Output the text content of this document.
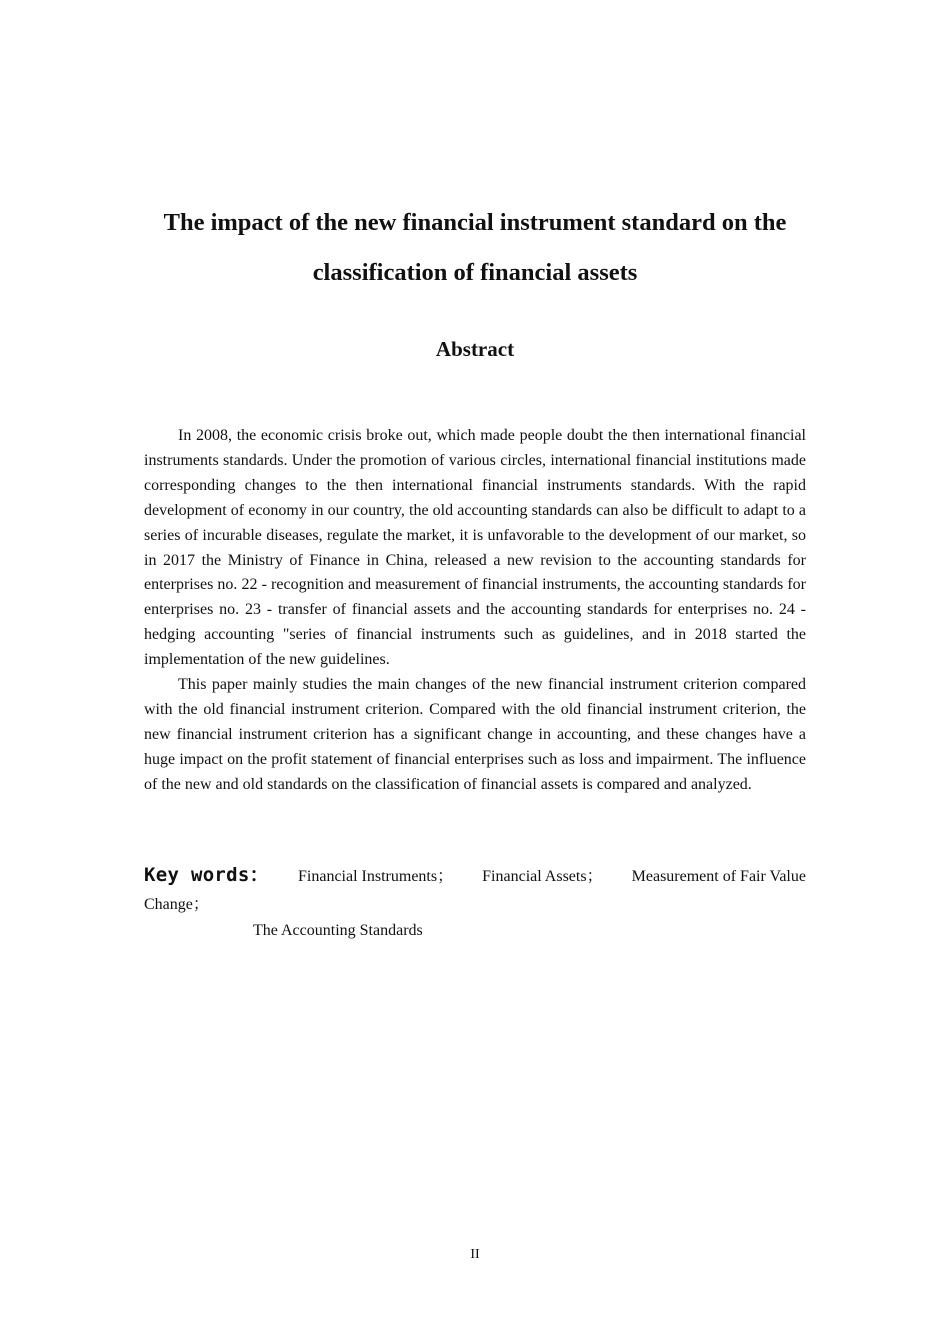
The impact of the new financial instrument standard on the
classification of financial assets
Abstract

In 2008, the economic crisis broke out, which made people doubt the then international financial instruments standards. Under the promotion of various circles, international financial institutions made corresponding changes to the then international financial instruments standards. With the rapid development of economy in our country, the old accounting standards can also be difficult to adapt to a series of incurable diseases, regulate the market, it is unfavorable to the development of our market, so in 2017 the Ministry of Finance in China, released a new revision to the accounting standards for enterprises no. 22 - recognition and measurement of financial instruments, the accounting standards for enterprises no. 23 - transfer of financial assets and the accounting standards for enterprises no. 24 - hedging accounting "series of financial instruments such as guidelines, and in 2018 started the implementation of the new guidelines.

This paper mainly studies the main changes of the new financial instrument criterion compared with the old financial instrument criterion. Compared with the old financial instrument criterion, the new financial instrument criterion has a significant change in accounting, and these changes have a huge impact on the profit statement of financial enterprises such as loss and impairment. The influence of the new and old standards on the classification of financial assets is compared and analyzed.

Key words： Financial Instruments； Financial Assets； Measurement of Fair Value
Change；
The Accounting Standards
II
